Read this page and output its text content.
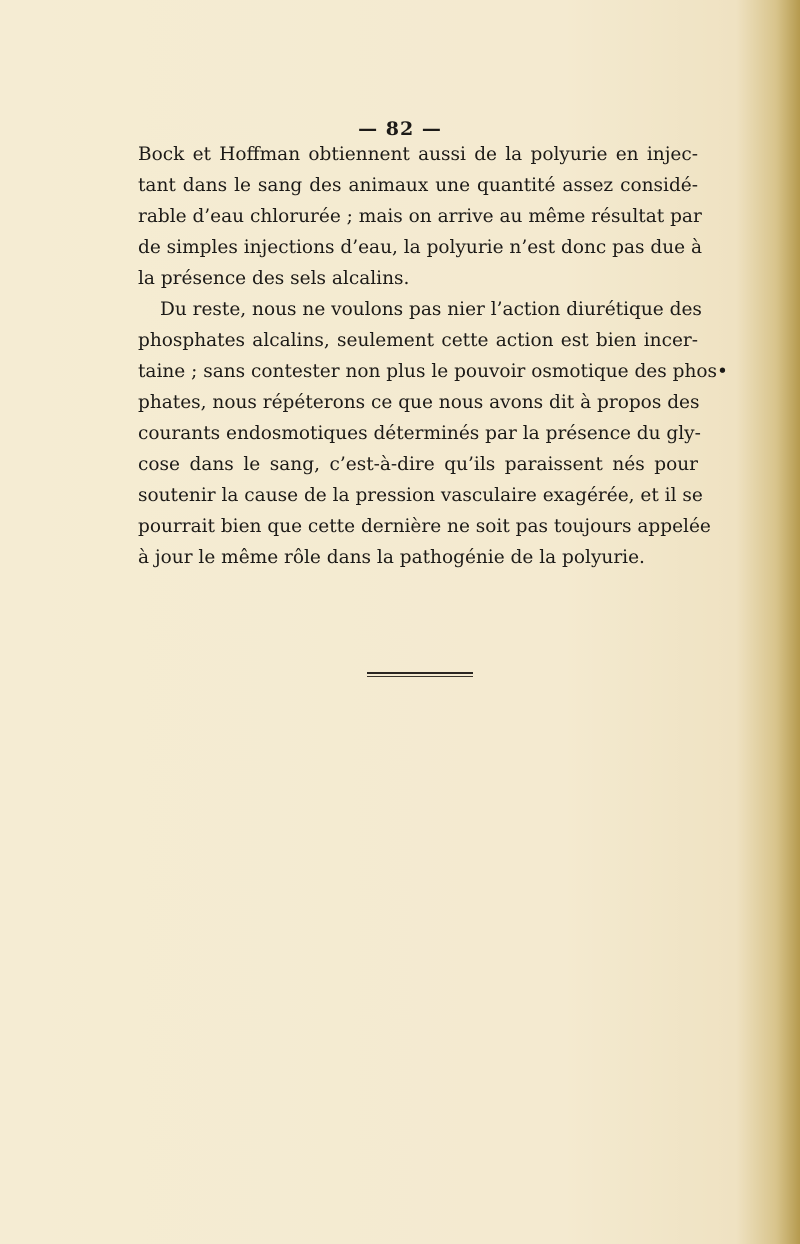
— 82 —
Bock et Hoffman obtiennent aussi de la polyurie en injec-
tant dans le sang des animaux une quantité assez considé-
rable d’eau chlorurée ; mais on arrive au même résultat par
de simples injections d’eau, la polyurie n’est donc pas due à
la présence des sels alcalins.
Du reste, nous ne voulons pas nier l’action diurétique des
phosphates alcalins, seulement cette action est bien incer-
taine ; sans contester non plus le pouvoir osmotique des phos•
phates, nous répéterons ce que nous avons dit à propos des
courants endosmotiques déterminés par la présence du gly-
cose dans le sang, c’est-à-dire qu’ils paraissent nés pour
soutenir la cause de la pression vasculaire exagérée, et il se
pourrait bien que cette dernière ne soit pas toujours appelée
à jour le même rôle dans la pathogénie de la polyurie.
